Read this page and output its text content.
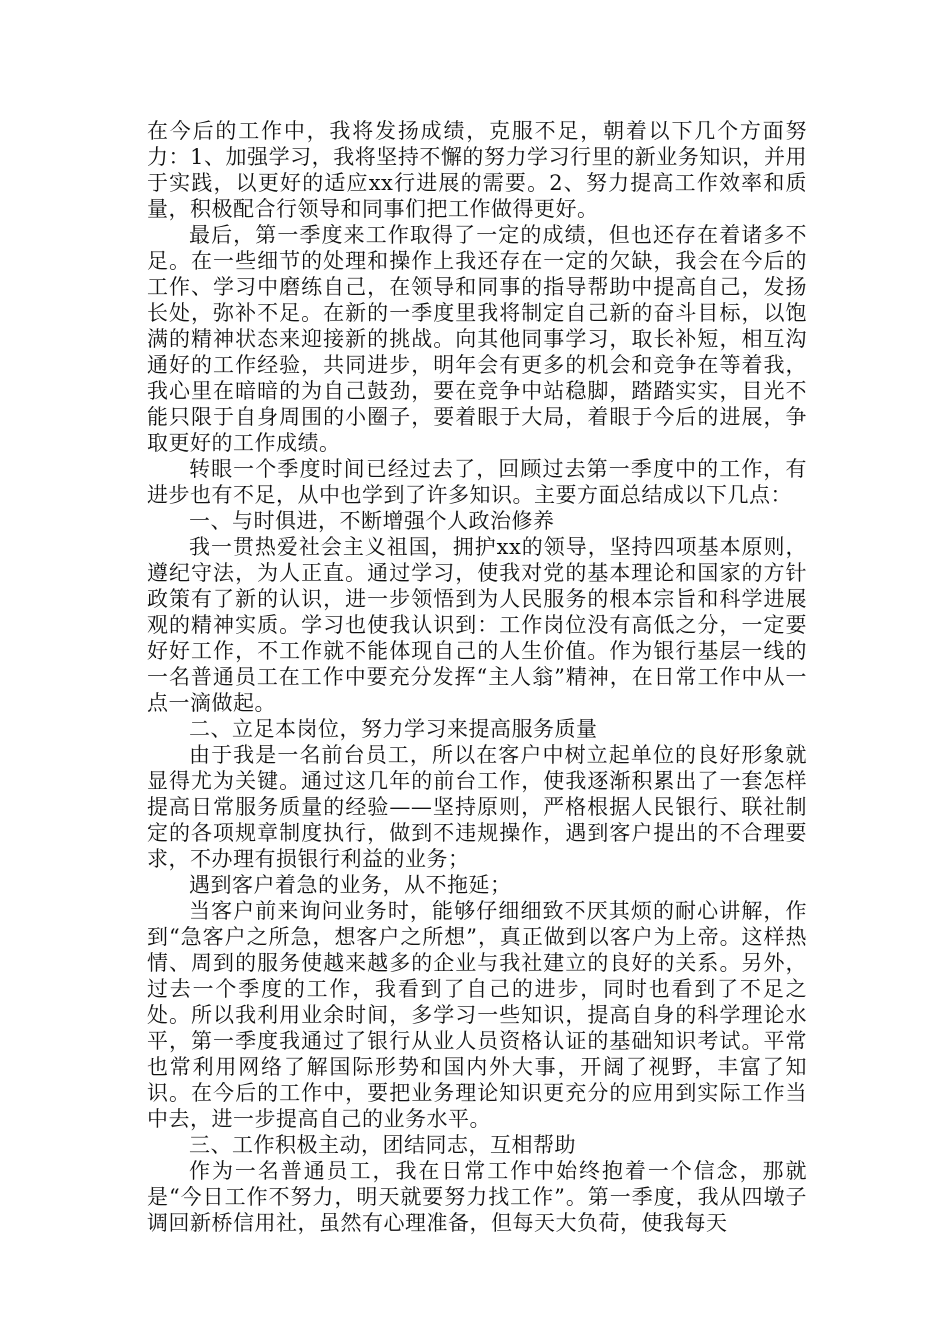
在今后的工作中，我将发扬成绩，克服不足，朝着以下几个方面努力：1、加强学习，我将坚持不懈的努力学习行里的新业务知识，并用于实践，以更好的适应xx行进展的需要。2、努力提高工作效率和质量，积极配合行领导和同事们把工作做得更好。

最后，第一季度来工作取得了一定的成绩，但也还存在着诸多不足。在一些细节的处理和操作上我还存在一定的欠缺，我会在今后的工作、学习中磨练自己，在领导和同事的指导帮助中提高自己，发扬长处，弥补不足。在新的一季度里我将制定自己新的奋斗目标，以饱满的精神状态来迎接新的挑战。向其他同事学习，取长补短，相互沟通好的工作经验，共同进步，明年会有更多的机会和竞争在等着我，我心里在暗暗的为自己鼓劲，要在竞争中站稳脚，踏踏实实，目光不能只限于自身周围的小圈子，要着眼于大局，着眼于今后的进展，争取更好的工作成绩。

转眼一个季度时间已经过去了，回顾过去第一季度中的工作，有进步也有不足，从中也学到了许多知识。主要方面总结成以下几点：

一、与时俱进，不断增强个人政治修养

我一贯热爱社会主义祖国，拥护xx的领导，坚持四项基本原则，遵纪守法，为人正直。通过学习，使我对党的基本理论和国家的方针政策有了新的认识，进一步领悟到为人民服务的根本宗旨和科学进展观的精神实质。学习也使我认识到：工作岗位没有高低之分，一定要好好工作，不工作就不能体现自己的人生价值。作为银行基层一线的一名普通员工在工作中要充分发挥“主人翁”精神，在日常工作中从一点一滴做起。

二、立足本岗位，努力学习来提高服务质量

由于我是一名前台员工，所以在客户中树立起单位的良好形象就显得尤为关键。通过这几年的前台工作，使我逐渐积累出了一套怎样提高日常服务质量的经验——坚持原则，严格根据人民银行、联社制定的各项规章制度执行，做到不违规操作，遇到客户提出的不合理要求，不办理有损银行利益的业务；

遇到客户着急的业务，从不拖延；

当客户前来询问业务时，能够仔细细致不厌其烦的耐心讲解，作到“急客户之所急，想客户之所想”，真正做到以客户为上帝。这样热情、周到的服务使越来越多的企业与我社建立的良好的关系。另外，过去一个季度的工作，我看到了自己的进步，同时也看到了不足之处。所以我利用业余时间，多学习一些知识，提高自身的科学理论水平，第一季度我通过了银行从业人员资格认证的基础知识考试。平常也常利用网络了解国际形势和国内外大事，开阔了视野，丰富了知识。在今后的工作中，要把业务理论知识更充分的应用到实际工作当中去，进一步提高自己的业务水平。

三、工作积极主动，团结同志，互相帮助

作为一名普通员工，我在日常工作中始终抱着一个信念，那就是“今日工作不努力，明天就要努力找工作”。第一季度，我从四墩子调回新桥信用社，虽然有心理准备，但每天大负荷，使我每天
